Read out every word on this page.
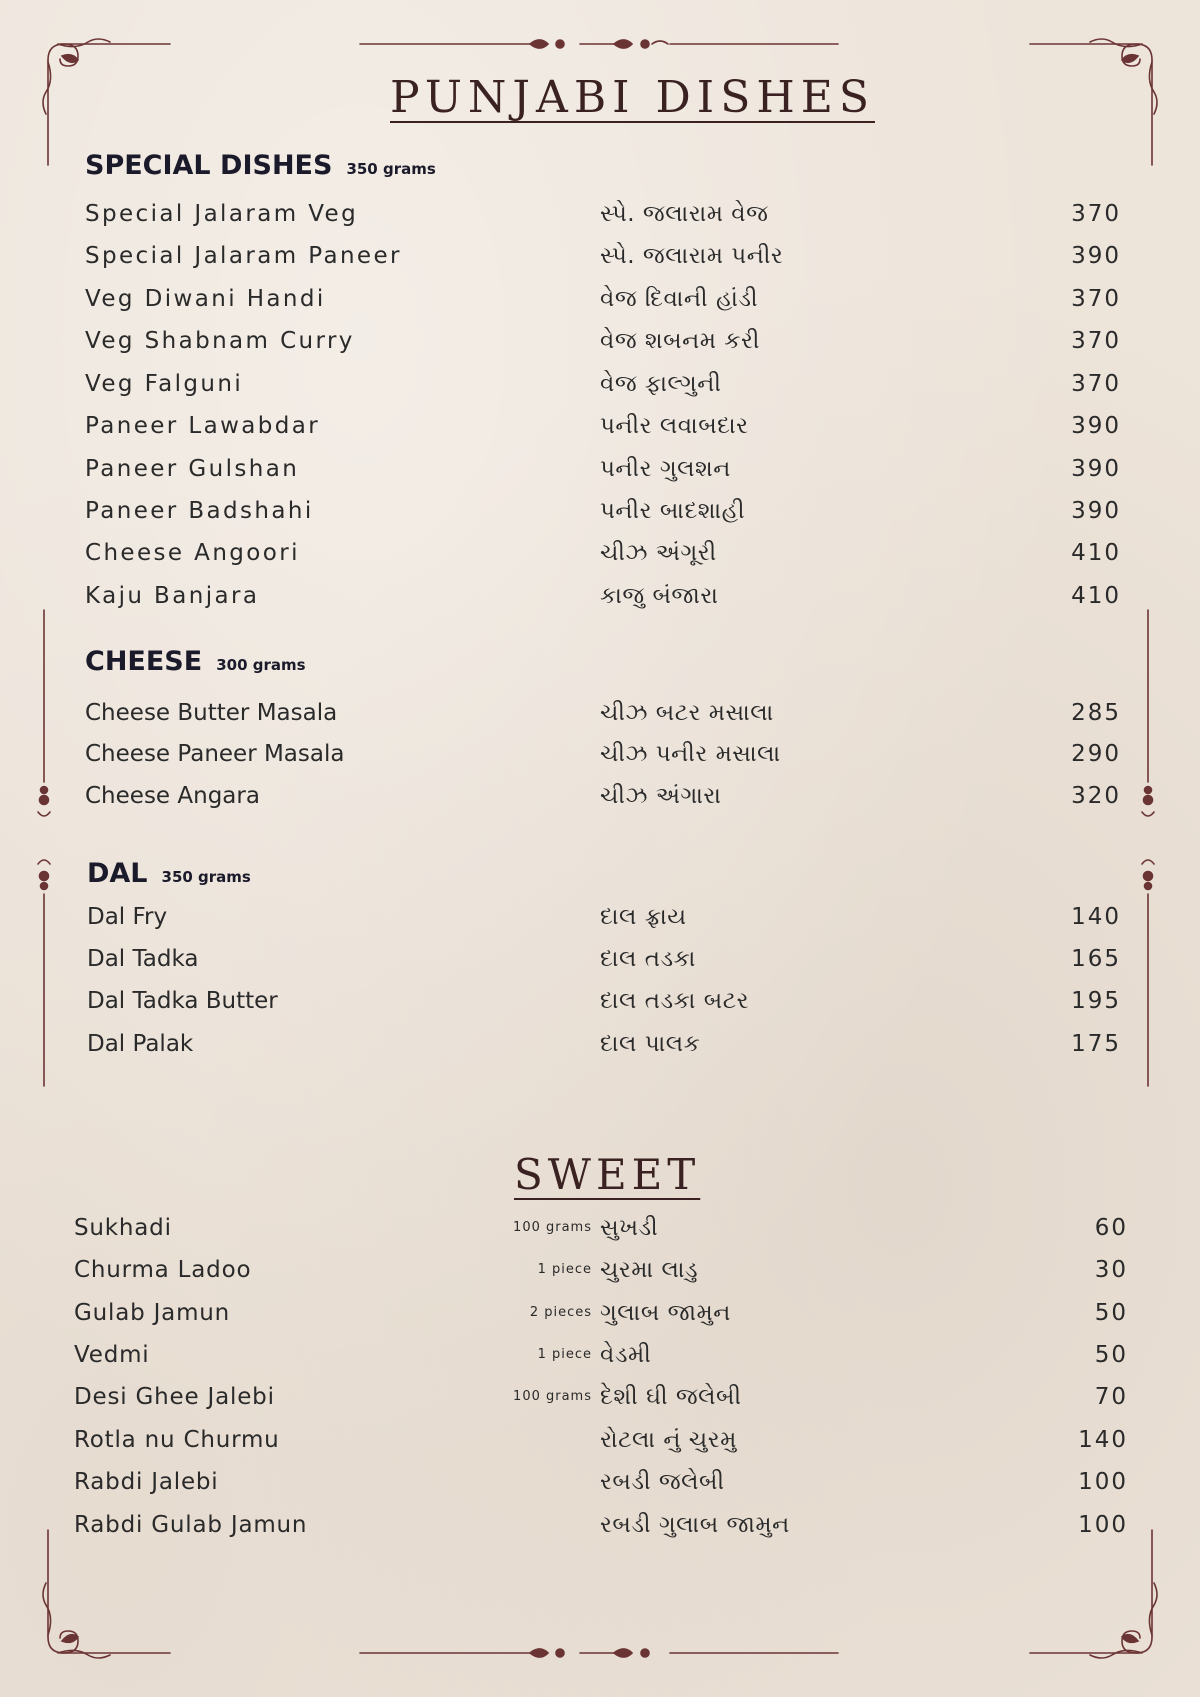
PUNJABI DISHES
SPECIAL DISHES 350 grams
Special Jalaram Veg	સ્પે. જલારામ વેજ	370
Special Jalaram Paneer	સ્પે. જલારામ પનીર	390
Veg Diwani Handi	વેજ દિવાની હાંડી	370
Veg Shabnam Curry	વેજ શબનમ કરી	370
Veg Falguni	વેજ ફાલ્ગુની	370
Paneer Lawabdar	પનીર લવાબદાર	390
Paneer Gulshan	પનીર ગુલશન	390
Paneer Badshahi	પનીર બાદશાહી	390
Cheese Angoori	ચીઝ અંગૂરી	410
Kaju Banjara	કાજુ બંજારા	410
CHEESE 300 grams
Cheese Butter Masala	ચીઝ બટર મસાલા	285
Cheese Paneer Masala	ચીઝ પનીર મસાલા	290
Cheese Angara	ચીઝ અંગારા	320
DAL 350 grams
Dal Fry	દાલ ફ્રાય	140
Dal Tadka	દાલ તડકા	165
Dal Tadka Butter	દાલ તડકા બટર	195
Dal Palak	દાલ પાલક	175
SWEET
Sukhadi	100 grams સુખડી	60
Churma Ladoo	1 piece ચુરમા લાડુ	30
Gulab Jamun	2 pieces ગુલાબ જામુન	50
Vedmi	1 piece વેડમી	50
Desi Ghee Jalebi	100 grams દેશી ઘી જલેબી	70
Rotla nu Churmu	રોટલા નું ચુરમુ	140
Rabdi Jalebi	રબડી જલેબી	100
Rabdi Gulab Jamun	રબડી ગુલાબ જામુન	100
